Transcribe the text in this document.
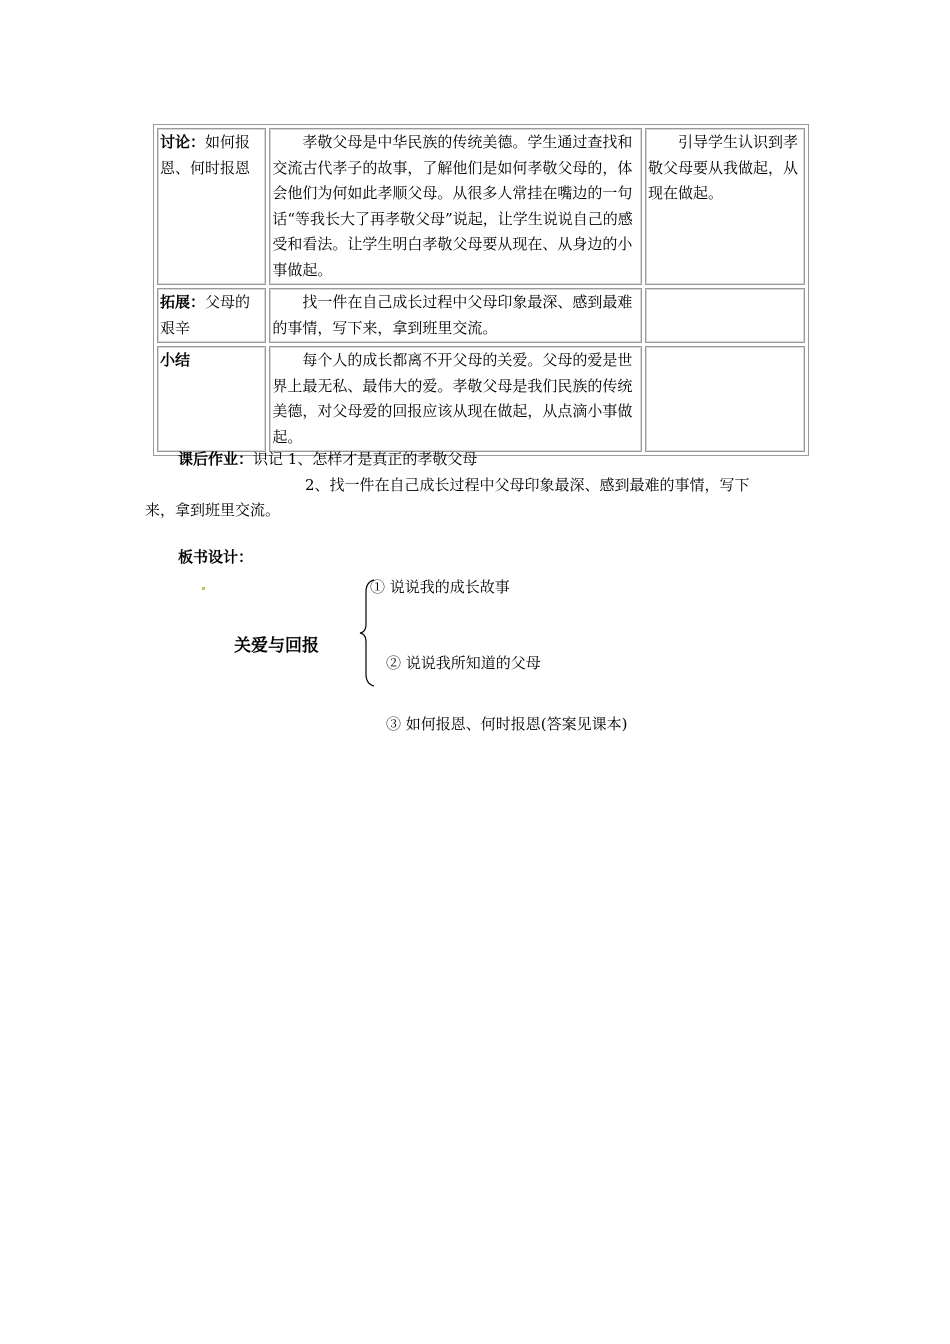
讨论：如何报恩、何时报恩	孝敬父母是中华民族的传统美德。学生通过查找和交流古代孝子的故事，了解他们是如何孝敬父母的，体会他们为何如此孝顺父母。从很多人常挂在嘴边的一句话“等我长大了再孝敬父母”说起，让学生说说自己的感受和看法。让学生明白孝敬父母要从现在、从身边的小事做起。	引导学生认识到孝敬父母要从我做起，从现在做起。
拓展：父母的艰辛	找一件在自己成长过程中父母印象最深、感到最难的事情，写下来，拿到班里交流。	
小结	每个人的成长都离不开父母的关爱。父母的爱是世界上最无私、最伟大的爱。孝敬父母是我们民族的传统美德，对父母爱的回报应该从现在做起，从点滴小事做起。	
课后作业：识记 1、怎样才是真正的孝敬父母
2、找一件在自己成长过程中父母印象最深、感到最难的事情，写下
来，拿到班里交流。
板书设计：
关爱与回报
① 说说我的成长故事
② 说说我所知道的父母
③ 如何报恩、何时报恩(答案见课本)
